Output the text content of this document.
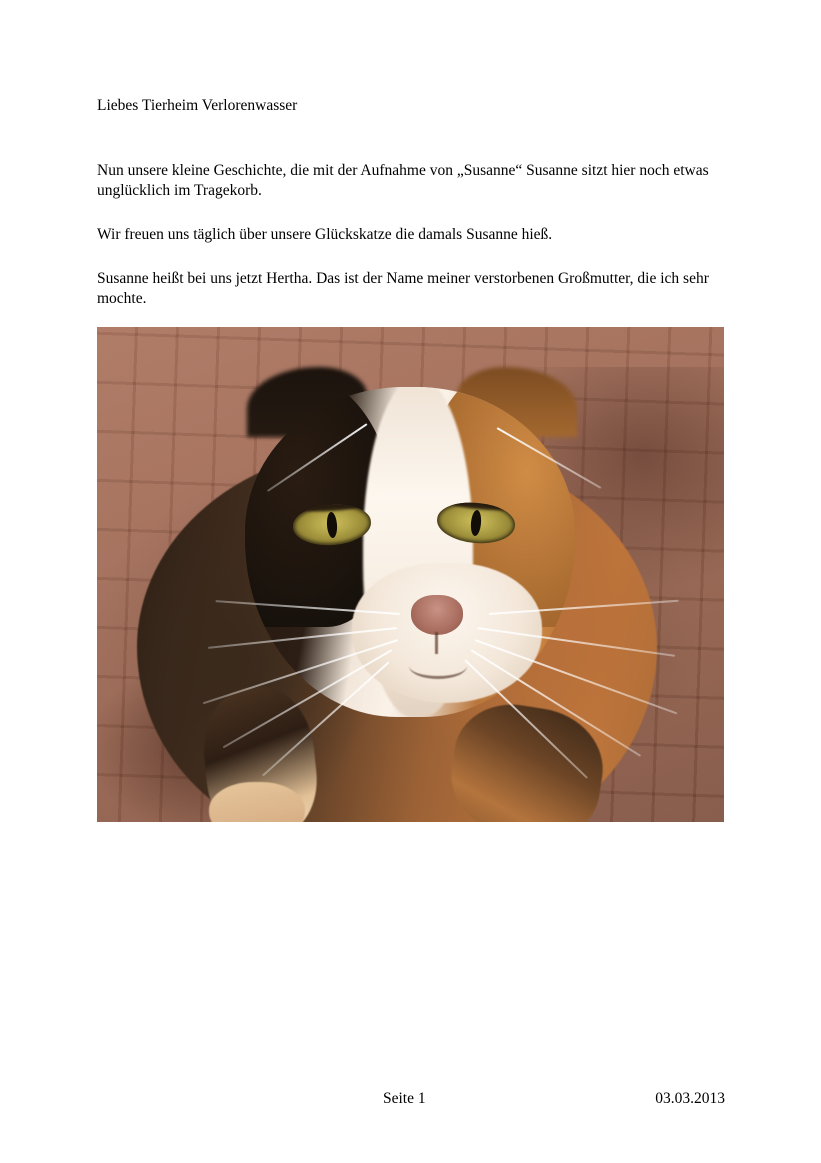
Liebes Tierheim Verlorenwasser

Nun unsere kleine Geschichte, die mit der Aufnahme von „Susanne“ Susanne sitzt hier noch etwas unglücklich im Tragekorb.

Wir freuen uns täglich über unsere Glückskatze die damals Susanne hieß.

Susanne heißt bei uns jetzt Hertha. Das ist der Name meiner verstorbenen Großmutter, die ich sehr mochte.

Seite 1	03.03.2013
